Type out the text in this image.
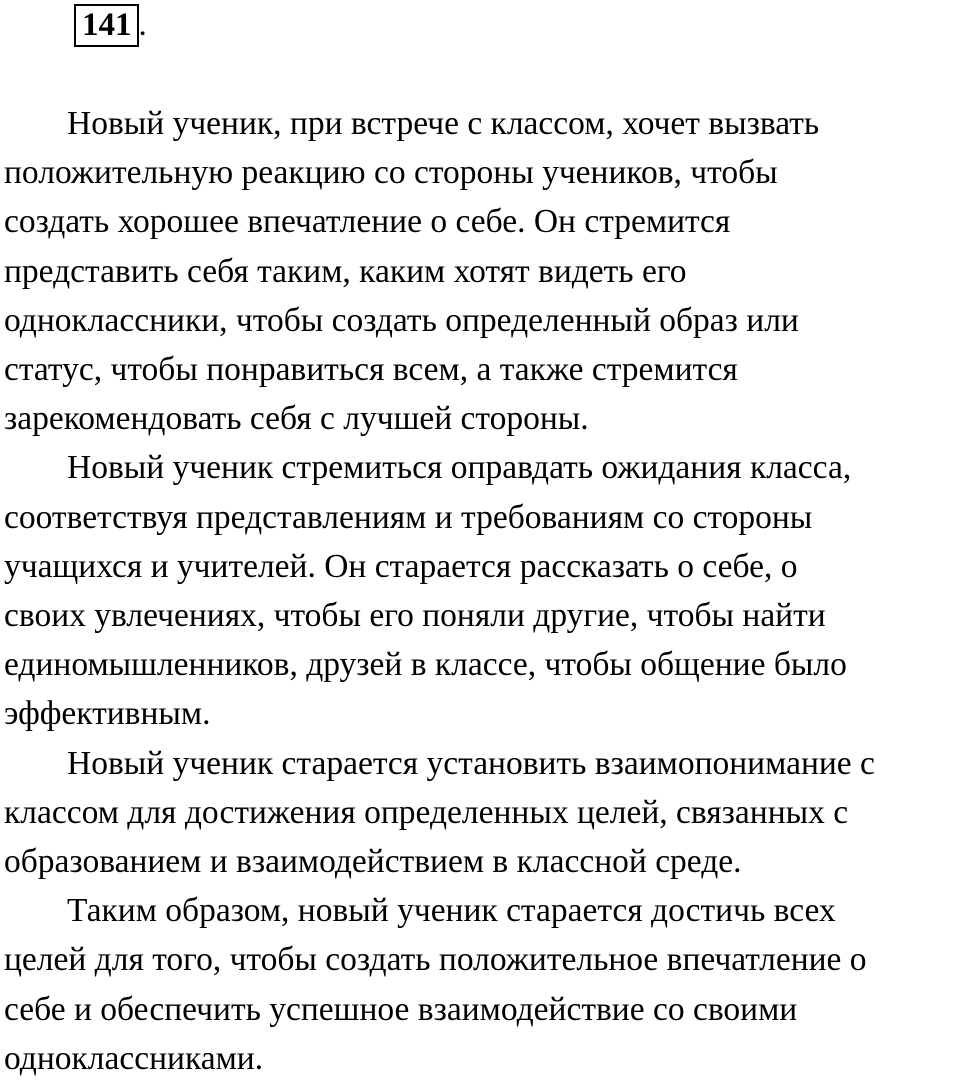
141 .

Новый ученик, при встрече с классом, хочет вызвать
положительную реакцию со стороны учеников, чтобы
создать хорошее впечатление о себе. Он стремится
представить себя таким, каким хотят видеть его
одноклассники, чтобы создать определенный образ или
статус, чтобы понравиться всем, а также стремится
зарекомендовать себя с лучшей стороны.

Новый ученик стремиться оправдать ожидания класса,
соответствуя представлениям и требованиям со стороны
учащихся и учителей. Он старается рассказать о себе, о
своих увлечениях, чтобы его поняли другие, чтобы найти
единомышленников, друзей в классе, чтобы общение было
эффективным.

Новый ученик старается установить взаимопонимание с
классом для достижения определенных целей, связанных с
образованием и взаимодействием в классной среде.

Таким образом, новый ученик старается достичь всех
целей для того, чтобы создать положительное впечатление о
себе и обеспечить успешное взаимодействие со своими
одноклассниками.
